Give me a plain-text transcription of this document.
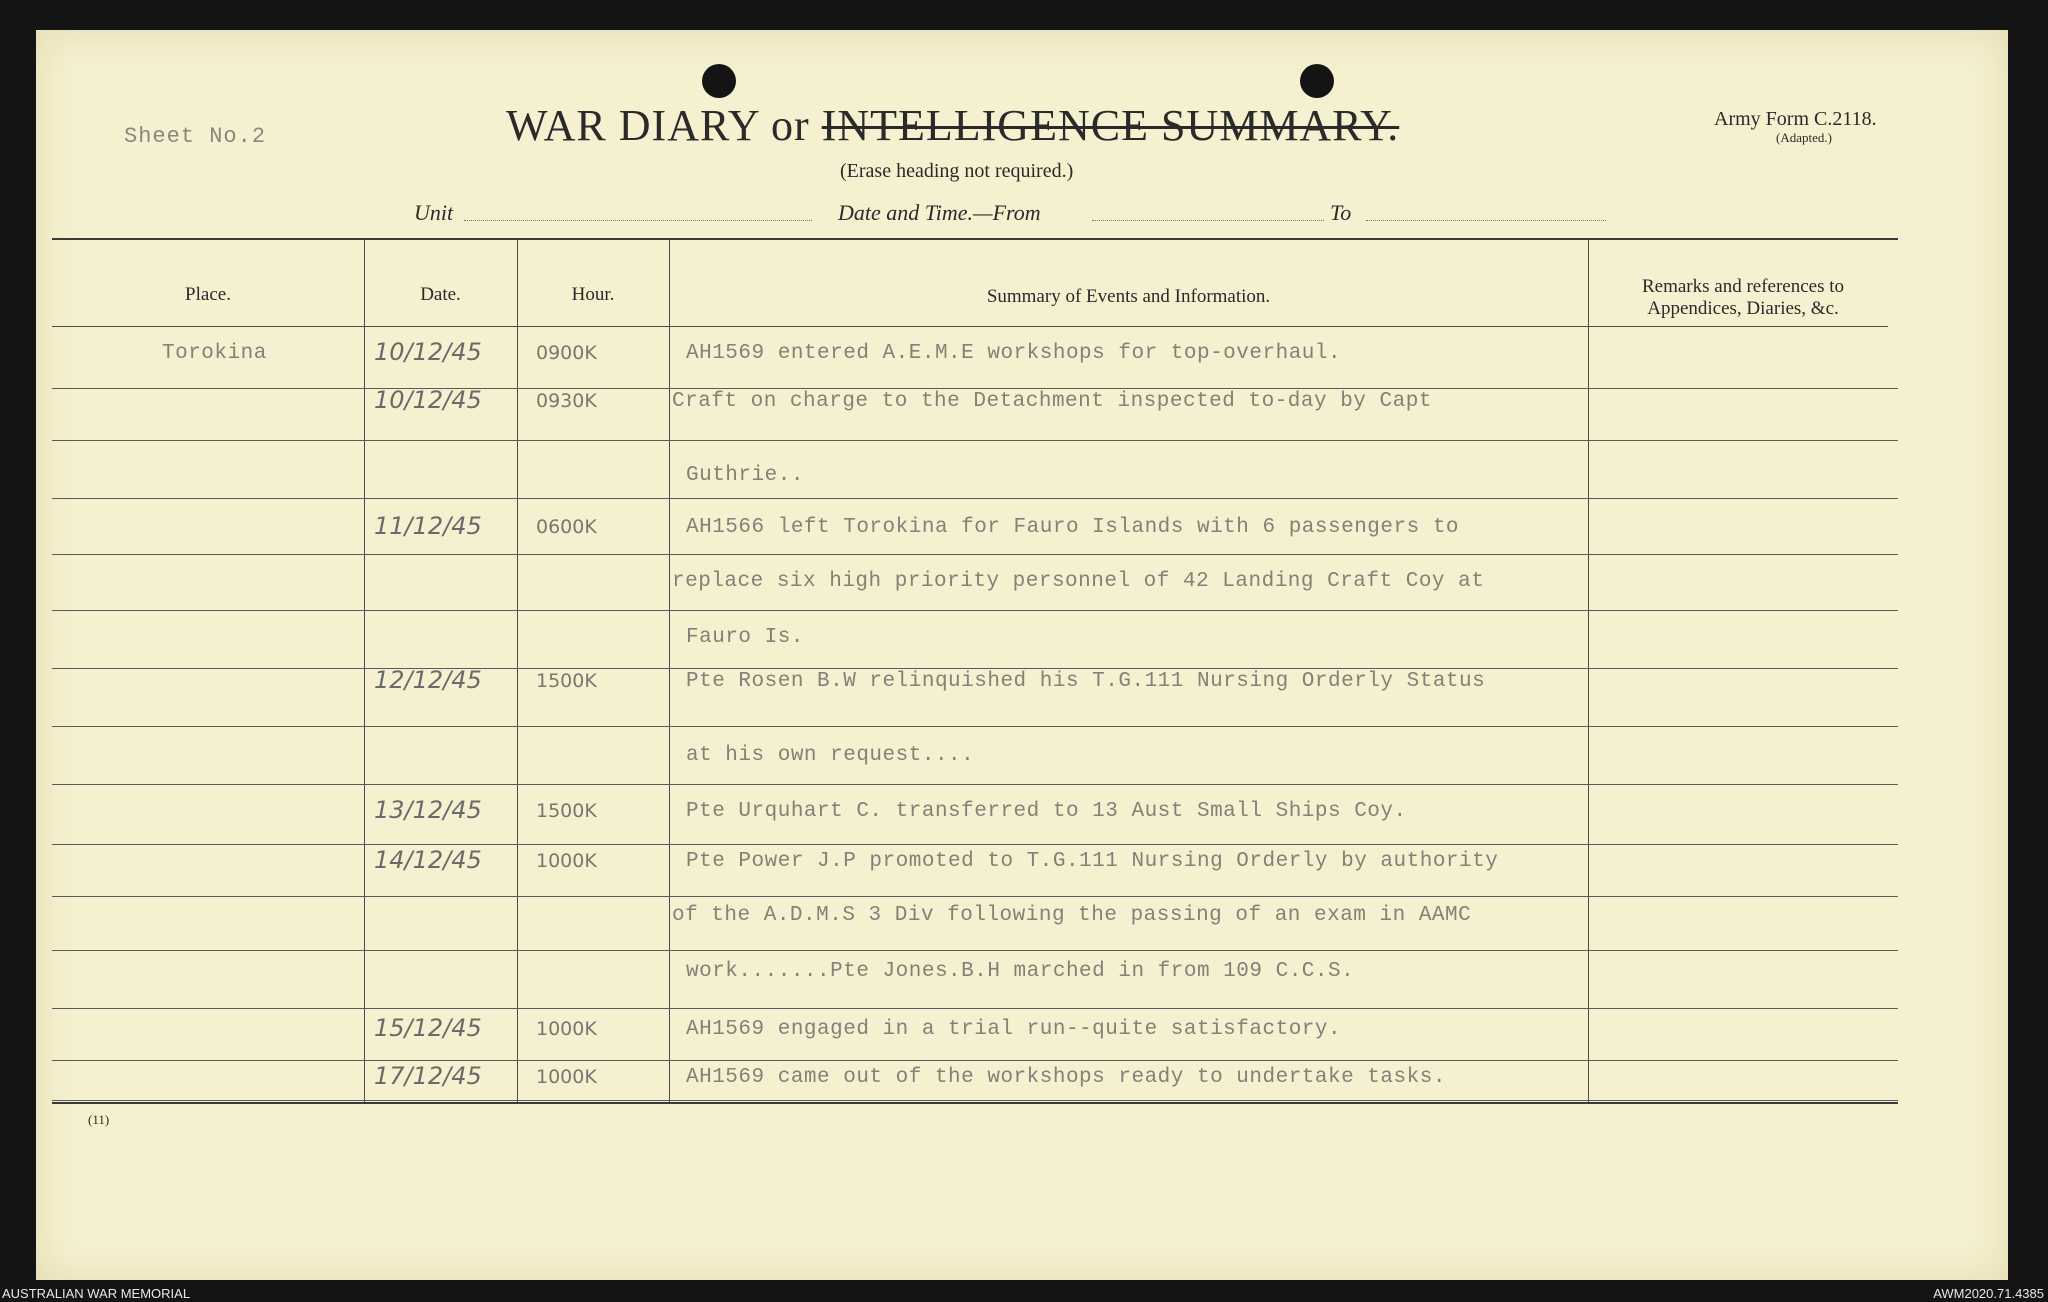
Sheet No.2	WAR DIARY or INTELLIGENCE SUMMARY.
(Erase heading not required.)
Army Form C.2118.
(Adapted.)
Unit	Date and Time.—From	To
Place.	Date.	Hour.	Summary of Events and Information.	Remarks and references to Appendices, Diaries, &c.
Torokina	10/12/45	0900K	AH1569 entered A.E.M.E workshops for top-overhaul.
10/12/45	0930K	Craft on charge to the Detachment inspected to-day by Capt
Guthrie..
11/12/45	0600K	AH1566 left Torokina for Fauro Islands with 6 passengers to
replace six high priority personnel of 42 Landing Craft Coy at
Fauro Is.
12/12/45	1500K	Pte Rosen B.W relinquished his T.G.111 Nursing Orderly Status
at his own request....
13/12/45	1500K	Pte Urquhart C. transferred to 13 Aust Small Ships Coy.
14/12/45	1000K	Pte Power J.P promoted to T.G.111 Nursing Orderly by authority
of the A.D.M.S 3 Div following the passing of an exam in AAMC
work.......Pte Jones.B.H marched in from 109 C.C.S.
15/12/45	1000K	AH1569 engaged in a trial run--quite satisfactory.
17/12/45	1000K	AH1569 came out of the workshops ready to undertake tasks.
(11)
AUSTRALIAN WAR MEMORIAL	AWM2020.71.4385
